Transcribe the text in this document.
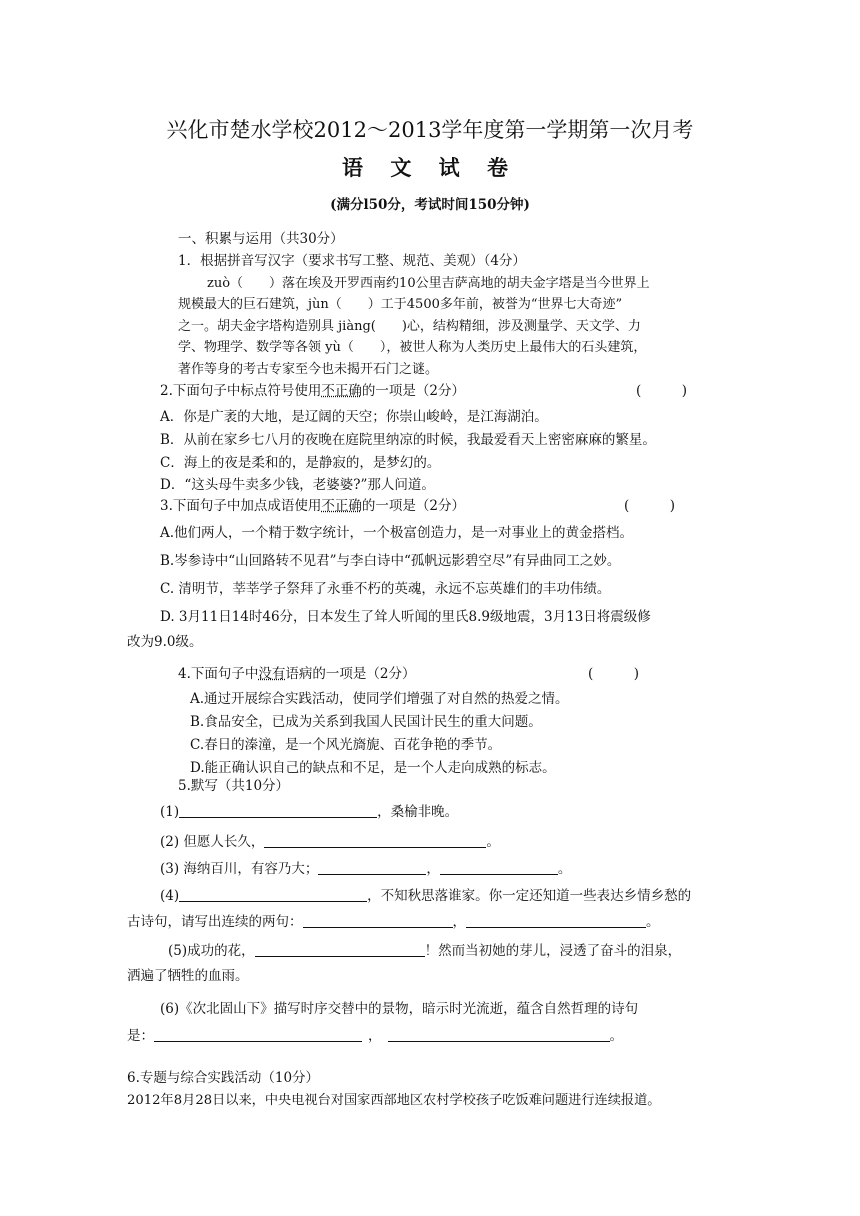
兴化市楚水学校2012～2013学年度第一学期第一次月考
语 文 试 卷
(满分l50分，考试时间150分钟)
一、积累与运用（共30分）
1．根据拼音写汉字（要求书写工整、规范、美观）（4分）
zuò（　　）落在埃及开罗西南约10公里吉萨高地的胡夫金字塔是当今世界上
规模最大的巨石建筑，jùn（　　）工于4500多年前，被誉为“世界七大奇迹”
之一。胡夫金字塔构造别具 jiàng(　　)心，结构精细，涉及测量学、天文学、力
学、物理学、数学等各领 yù（　　），被世人称为人类历史上最伟大的石头建筑，
著作等身的考古专家至今也未揭开石门之谜。
2.下面句子中标点符号使用不正确的一项是（2分）	(　　　)
A．你是广袤的大地，是辽阔的天空；你崇山峻岭，是江海湖泊。
B．从前在家乡七八月的夜晚在庭院里纳凉的时候，我最爱看天上密密麻麻的繁星。
C．海上的夜是柔和的，是静寂的，是梦幻的。
D．“这头母牛卖多少钱，老婆婆?”那人问道。
3.下面句子中加点成语使用不正确的一项是（2分）	(　　　)
A.他们两人，一个精于数字统计，一个极富创造力，是一对事业上的黄金搭档。
B.岑参诗中“山回路转不见君”与李白诗中“孤帆远影碧空尽”有异曲同工之妙。
C. 清明节，莘莘学子祭拜了永垂不朽的英魂，永远不忘英雄们的丰功伟绩。
D. 3月11日14时46分，日本发生了耸人听闻的里氏8.9级地震，3月13日将震级修
改为9.0级。
4.下面句子中没有语病的一项是（2分）	(　　　)
A.通过开展综合实践活动，使同学们增强了对自然的热爱之情。
B.食品安全，已成为关系到我国人民国计民生的重大问题。
C.春日的溱潼，是一个风光旖旎、百花争艳的季节。
D.能正确认识自己的缺点和不足，是一个人走向成熟的标志。
5.默写（共10分）
(1)	，桑榆非晚。
(2) 但愿人长久，	。
(3) 海纳百川，有容乃大；	，	。
(4)	，不知秋思落谁家。你一定还知道一些表达乡情乡愁的
古诗句，请写出连续的两句：	，	。
(5)成功的花，	！然而当初她的芽儿，浸透了奋斗的泪泉，
洒遍了牺牲的血雨。
(6)《次北固山下》描写时序交替中的景物，暗示时光流逝，蕴含自然哲理的诗句
是：	，	。
6.专题与综合实践活动（10分）
2012年8月28日以来，中央电视台对国家西部地区农村学校孩子吃饭难问题进行连续报道。
